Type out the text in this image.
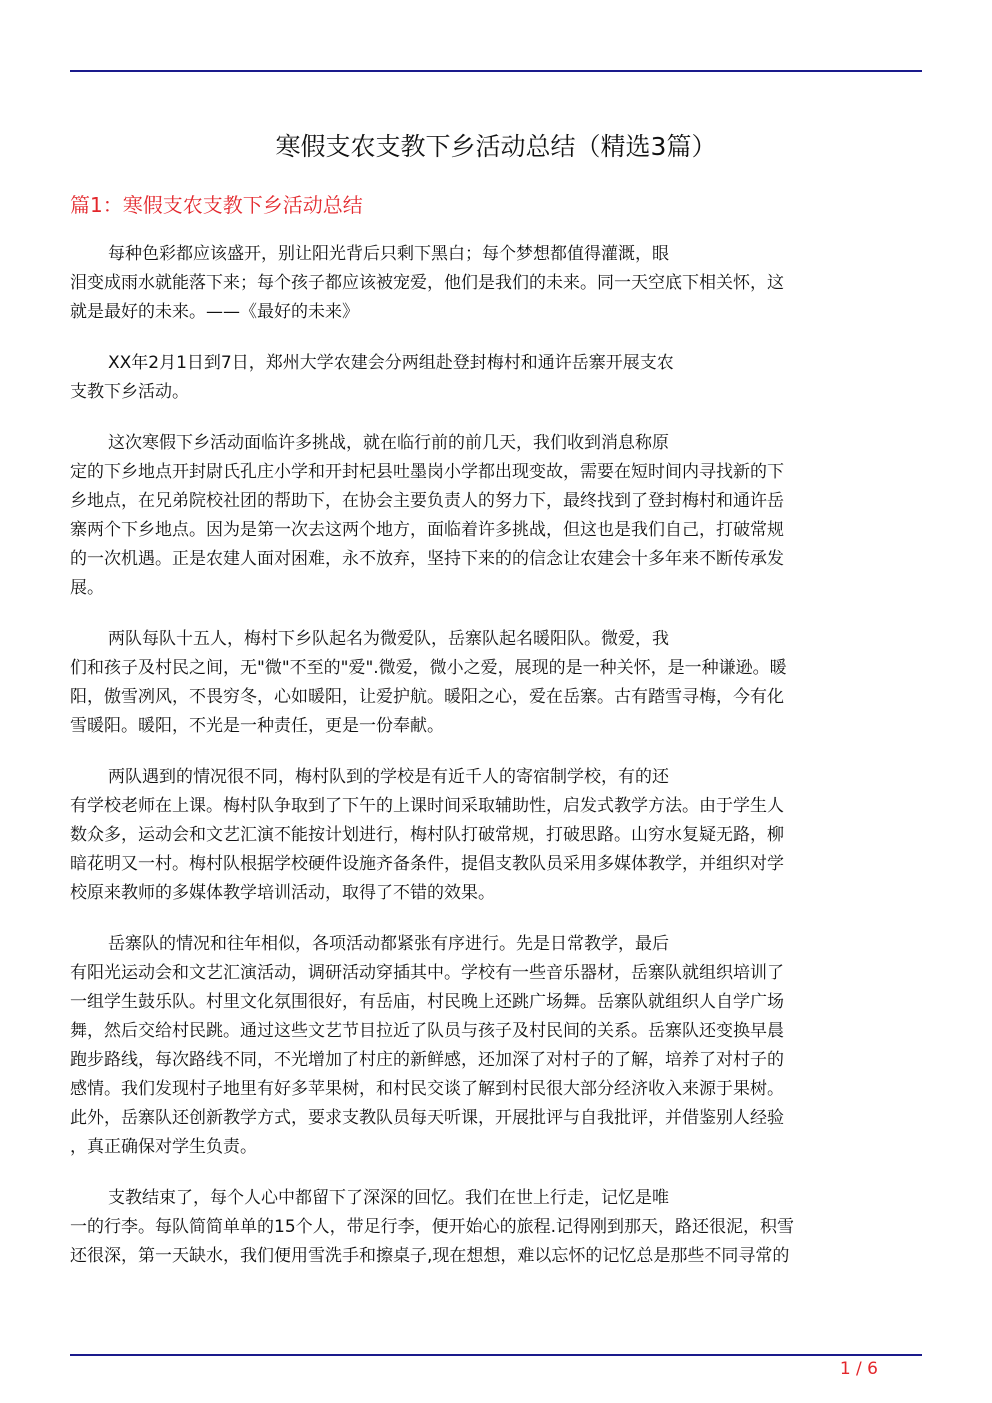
寒假支农支教下乡活动总结（精选3篇）
篇1：寒假支农支教下乡活动总结

每种色彩都应该盛开，别让阳光背后只剩下黑白；每个梦想都值得灌溉，眼
泪变成雨水就能落下来；每个孩子都应该被宠爱，他们是我们的未来。同一天空底下相关怀，这
就是最好的未来。——《最好的未来》

XX年2月1日到7日，郑州大学农建会分两组赴登封梅村和通许岳寨开展支农
支教下乡活动。

这次寒假下乡活动面临许多挑战，就在临行前的前几天，我们收到消息称原
定的下乡地点开封尉氏孔庄小学和开封杞县吐墨岗小学都出现变故，需要在短时间内寻找新的下
乡地点，在兄弟院校社团的帮助下，在协会主要负责人的努力下，最终找到了登封梅村和通许岳
寨两个下乡地点。因为是第一次去这两个地方，面临着许多挑战，但这也是我们自己，打破常规
的一次机遇。正是农建人面对困难，永不放弃，坚持下来的的信念让农建会十多年来不断传承发
展。

两队每队十五人，梅村下乡队起名为微爱队，岳寨队起名暖阳队。微爱，我
们和孩子及村民之间，无"微"不至的"爱".微爱，微小之爱，展现的是一种关怀，是一种谦逊。暖
阳，傲雪冽风，不畏穷冬，心如暖阳，让爱护航。暖阳之心，爱在岳寨。古有踏雪寻梅，今有化
雪暖阳。暖阳，不光是一种责任，更是一份奉献。

两队遇到的情况很不同，梅村队到的学校是有近千人的寄宿制学校，有的还
有学校老师在上课。梅村队争取到了下午的上课时间采取辅助性，启发式教学方法。由于学生人
数众多，运动会和文艺汇演不能按计划进行，梅村队打破常规，打破思路。山穷水复疑无路，柳
暗花明又一村。梅村队根据学校硬件设施齐备条件，提倡支教队员采用多媒体教学，并组织对学
校原来教师的多媒体教学培训活动，取得了不错的效果。

岳寨队的情况和往年相似，各项活动都紧张有序进行。先是日常教学，最后
有阳光运动会和文艺汇演活动，调研活动穿插其中。学校有一些音乐器材，岳寨队就组织培训了
一组学生鼓乐队。村里文化氛围很好，有岳庙，村民晚上还跳广场舞。岳寨队就组织人自学广场
舞，然后交给村民跳。通过这些文艺节目拉近了队员与孩子及村民间的关系。岳寨队还变换早晨
跑步路线，每次路线不同，不光增加了村庄的新鲜感，还加深了对村子的了解，培养了对村子的
感情。我们发现村子地里有好多苹果树，和村民交谈了解到村民很大部分经济收入来源于果树。
此外，岳寨队还创新教学方式，要求支教队员每天听课，开展批评与自我批评，并借鉴别人经验
，真正确保对学生负责。

支教结束了，每个人心中都留下了深深的回忆。我们在世上行走，记忆是唯
一的行李。每队简简单单的15个人，带足行李，便开始心的旅程.记得刚到那天，路还很泥，积雪
还很深，第一天缺水，我们便用雪洗手和擦桌子,现在想想，难以忘怀的记忆总是那些不同寻常的

1 / 6
